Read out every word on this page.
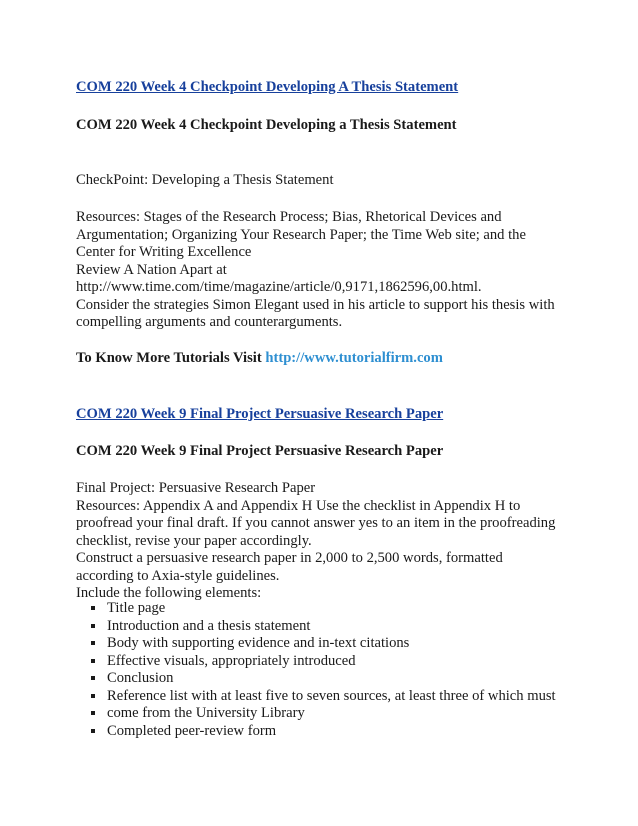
COM 220 Week 4 Checkpoint Developing A Thesis Statement
COM 220 Week 4 Checkpoint Developing a Thesis Statement
CheckPoint: Developing a Thesis Statement
Resources: Stages of the Research Process; Bias, Rhetorical Devices and
Argumentation; Organizing Your Research Paper; the Time Web site; and the
Center for Writing Excellence
Review A Nation Apart at
http://www.time.com/time/magazine/article/0,9171,1862596,00.html.
Consider the strategies Simon Elegant used in his article to support his thesis with
compelling arguments and counterarguments.
To Know More Tutorials Visit http://www.tutorialfirm.com
COM 220 Week 9 Final Project Persuasive Research Paper
COM 220 Week 9 Final Project Persuasive Research Paper
Final Project: Persuasive Research Paper
Resources: Appendix A and Appendix H Use the checklist in Appendix H to
proofread your final draft. If you cannot answer yes to an item in the proofreading
checklist, revise your paper accordingly.
Construct a persuasive research paper in 2,000 to 2,500 words, formatted
according to Axia-style guidelines.
Include the following elements:
Title page
Introduction and a thesis statement
Body with supporting evidence and in-text citations
Effective visuals, appropriately introduced
Conclusion
Reference list with at least five to seven sources, at least three of which must
come from the University Library
Completed peer-review form
